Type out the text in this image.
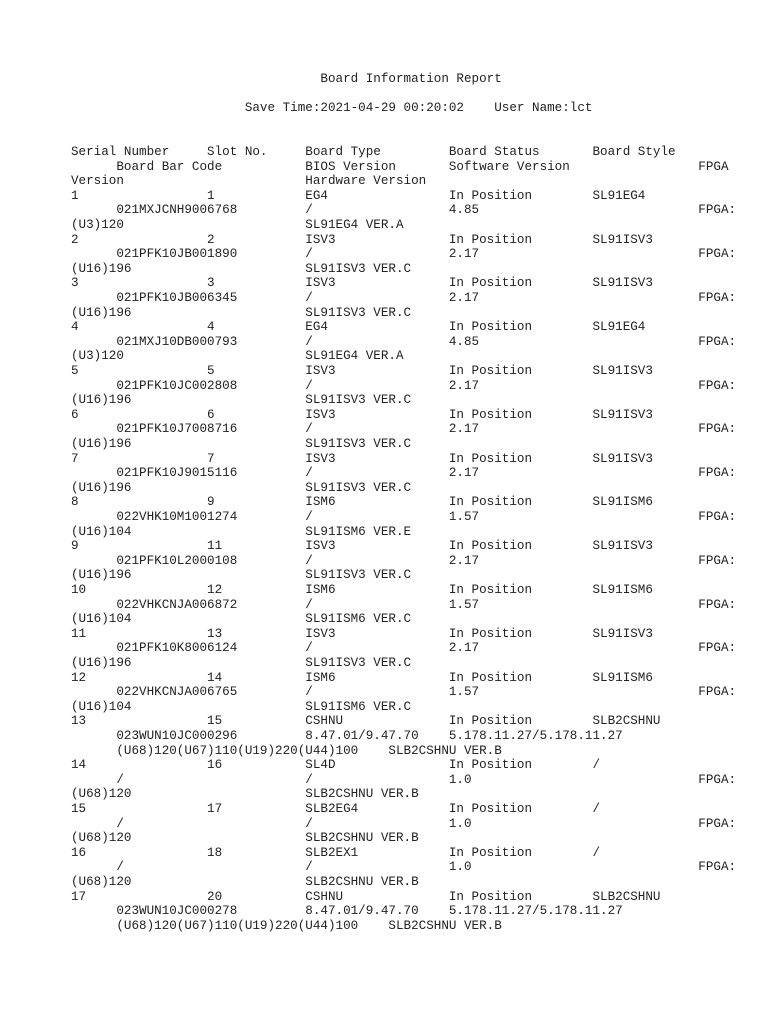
Board Information Report
Save Time:2021-04-29 00:20:02    User Name:lct
Serial Number     Slot No.     Board Type         Board Status       Board Style
Board Bar Code           BIOS Version       Software Version                 FPGA
Version                        Hardware Version
1                 1            EG4                In Position        SL91EG4
021MXJCNH9006768         /                  4.85                             FPGA:
(U3)120                        SL91EG4 VER.A
2                 2            ISV3               In Position        SL91ISV3
021PFK10JB001890         /                  2.17                             FPGA:
(U16)196                       SL91ISV3 VER.C
3                 3            ISV3               In Position        SL91ISV3
021PFK10JB006345         /                  2.17                             FPGA:
(U16)196                       SL91ISV3 VER.C
4                 4            EG4                In Position        SL91EG4
021MXJ10DB000793         /                  4.85                             FPGA:
(U3)120                        SL91EG4 VER.A
5                 5            ISV3               In Position        SL91ISV3
021PFK10JC002808         /                  2.17                             FPGA:
(U16)196                       SL91ISV3 VER.C
6                 6            ISV3               In Position        SL91ISV3
021PFK10J7008716         /                  2.17                             FPGA:
(U16)196                       SL91ISV3 VER.C
7                 7            ISV3               In Position        SL91ISV3
021PFK10J9015116         /                  2.17                             FPGA:
(U16)196                       SL91ISV3 VER.C
8                 9            ISM6               In Position        SL91ISM6
022VHK10M1001274         /                  1.57                             FPGA:
(U16)104                       SL91ISM6 VER.E
9                 11           ISV3               In Position        SL91ISV3
021PFK10L2000108         /                  2.17                             FPGA:
(U16)196                       SL91ISV3 VER.C
10                12           ISM6               In Position        SL91ISM6
022VHKCNJA006872         /                  1.57                             FPGA:
(U16)104                       SL91ISM6 VER.C
11                13           ISV3               In Position        SL91ISV3
021PFK10K8006124         /                  2.17                             FPGA:
(U16)196                       SL91ISV3 VER.C
12                14           ISM6               In Position        SL91ISM6
022VHKCNJA006765         /                  1.57                             FPGA:
(U16)104                       SL91ISM6 VER.C
13                15           CSHNU              In Position        SLB2CSHNU
023WUN10JC000296         8.47.01/9.47.70    5.178.11.27/5.178.11.27
(U68)120(U67)110(U19)220(U44)100    SLB2CSHNU VER.B
14                16           SL4D               In Position        /
/                        /                  1.0                              FPGA:
(U68)120                       SLB2CSHNU VER.B
15                17           SLB2EG4            In Position        /
/                        /                  1.0                              FPGA:
(U68)120                       SLB2CSHNU VER.B
16                18           SLB2EX1            In Position        /
/                        /                  1.0                              FPGA:
(U68)120                       SLB2CSHNU VER.B
17                20           CSHNU              In Position        SLB2CSHNU
023WUN10JC000278         8.47.01/9.47.70    5.178.11.27/5.178.11.27
(U68)120(U67)110(U19)220(U44)100    SLB2CSHNU VER.B
